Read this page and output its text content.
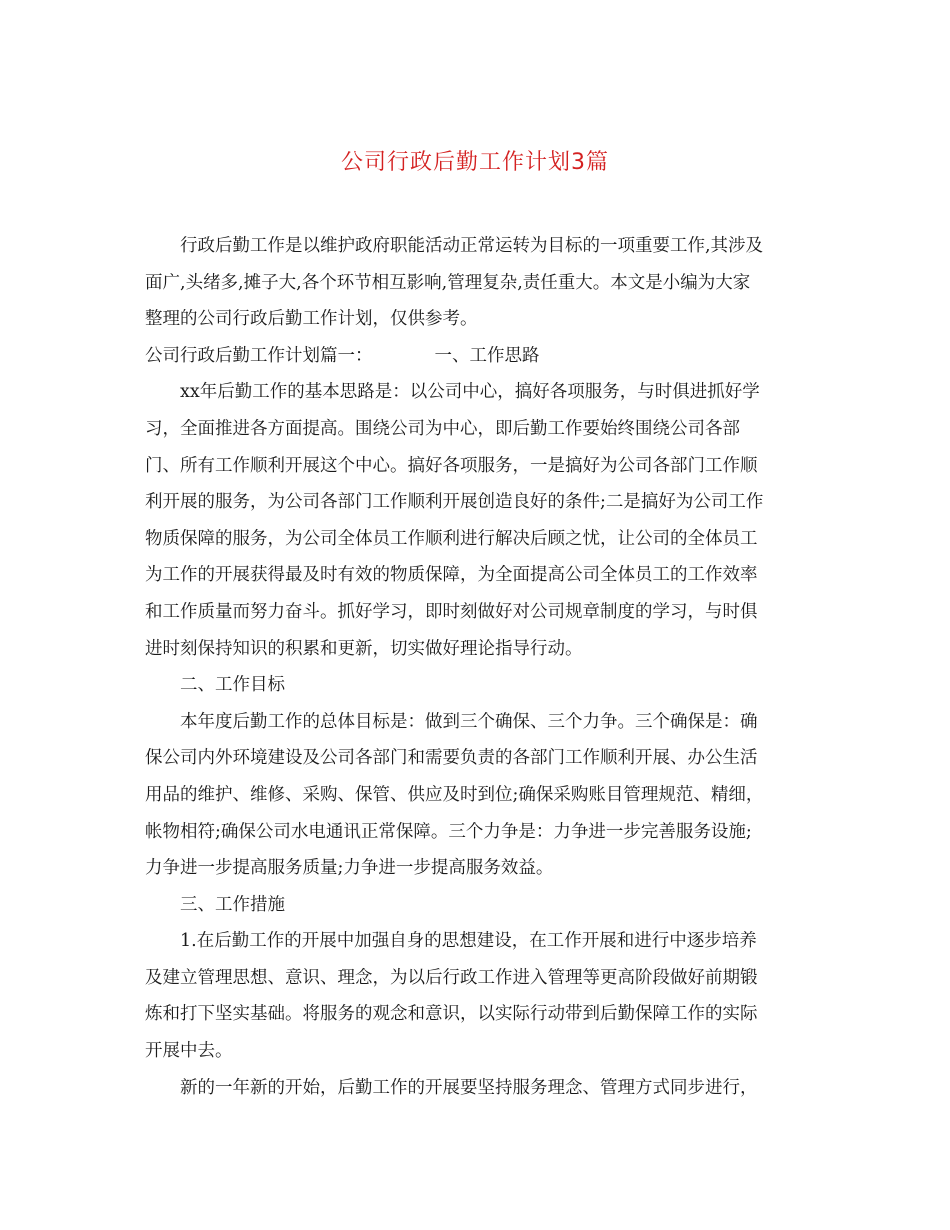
公司行政后勤工作计划3篇
行政后勤工作是以维护政府职能活动正常运转为目标的一项重要工作,其涉及
面广,头绪多,摊子大,各个环节相互影响,管理复杂,责任重大。本文是小编为大家
整理的公司行政后勤工作计划，仅供参考。
公司行政后勤工作计划篇一：	一、工作思路
xx年后勤工作的基本思路是：以公司中心，搞好各项服务，与时俱进抓好学
习，全面推进各方面提高。围绕公司为中心，即后勤工作要始终围绕公司各部
门、所有工作顺利开展这个中心。搞好各项服务，一是搞好为公司各部门工作顺
利开展的服务，为公司各部门工作顺利开展创造良好的条件;二是搞好为公司工作
物质保障的服务，为公司全体员工作顺利进行解决后顾之忧，让公司的全体员工
为工作的开展获得最及时有效的物质保障，为全面提高公司全体员工的工作效率
和工作质量而努力奋斗。抓好学习，即时刻做好对公司规章制度的学习，与时俱
进时刻保持知识的积累和更新，切实做好理论指导行动。
二、工作目标
本年度后勤工作的总体目标是：做到三个确保、三个力争。三个确保是：确
保公司内外环境建设及公司各部门和需要负责的各部门工作顺利开展、办公生活
用品的维护、维修、采购、保管、供应及时到位;确保采购账目管理规范、精细，
帐物相符;确保公司水电通讯正常保障。三个力争是：力争进一步完善服务设施;
力争进一步提高服务质量;力争进一步提高服务效益。
三、工作措施
1.在后勤工作的开展中加强自身的思想建设，在工作开展和进行中逐步培养
及建立管理思想、意识、理念，为以后行政工作进入管理等更高阶段做好前期锻
炼和打下坚实基础。将服务的观念和意识，以实际行动带到后勤保障工作的实际
开展中去。
新的一年新的开始，后勤工作的开展要坚持服务理念、管理方式同步进行，
